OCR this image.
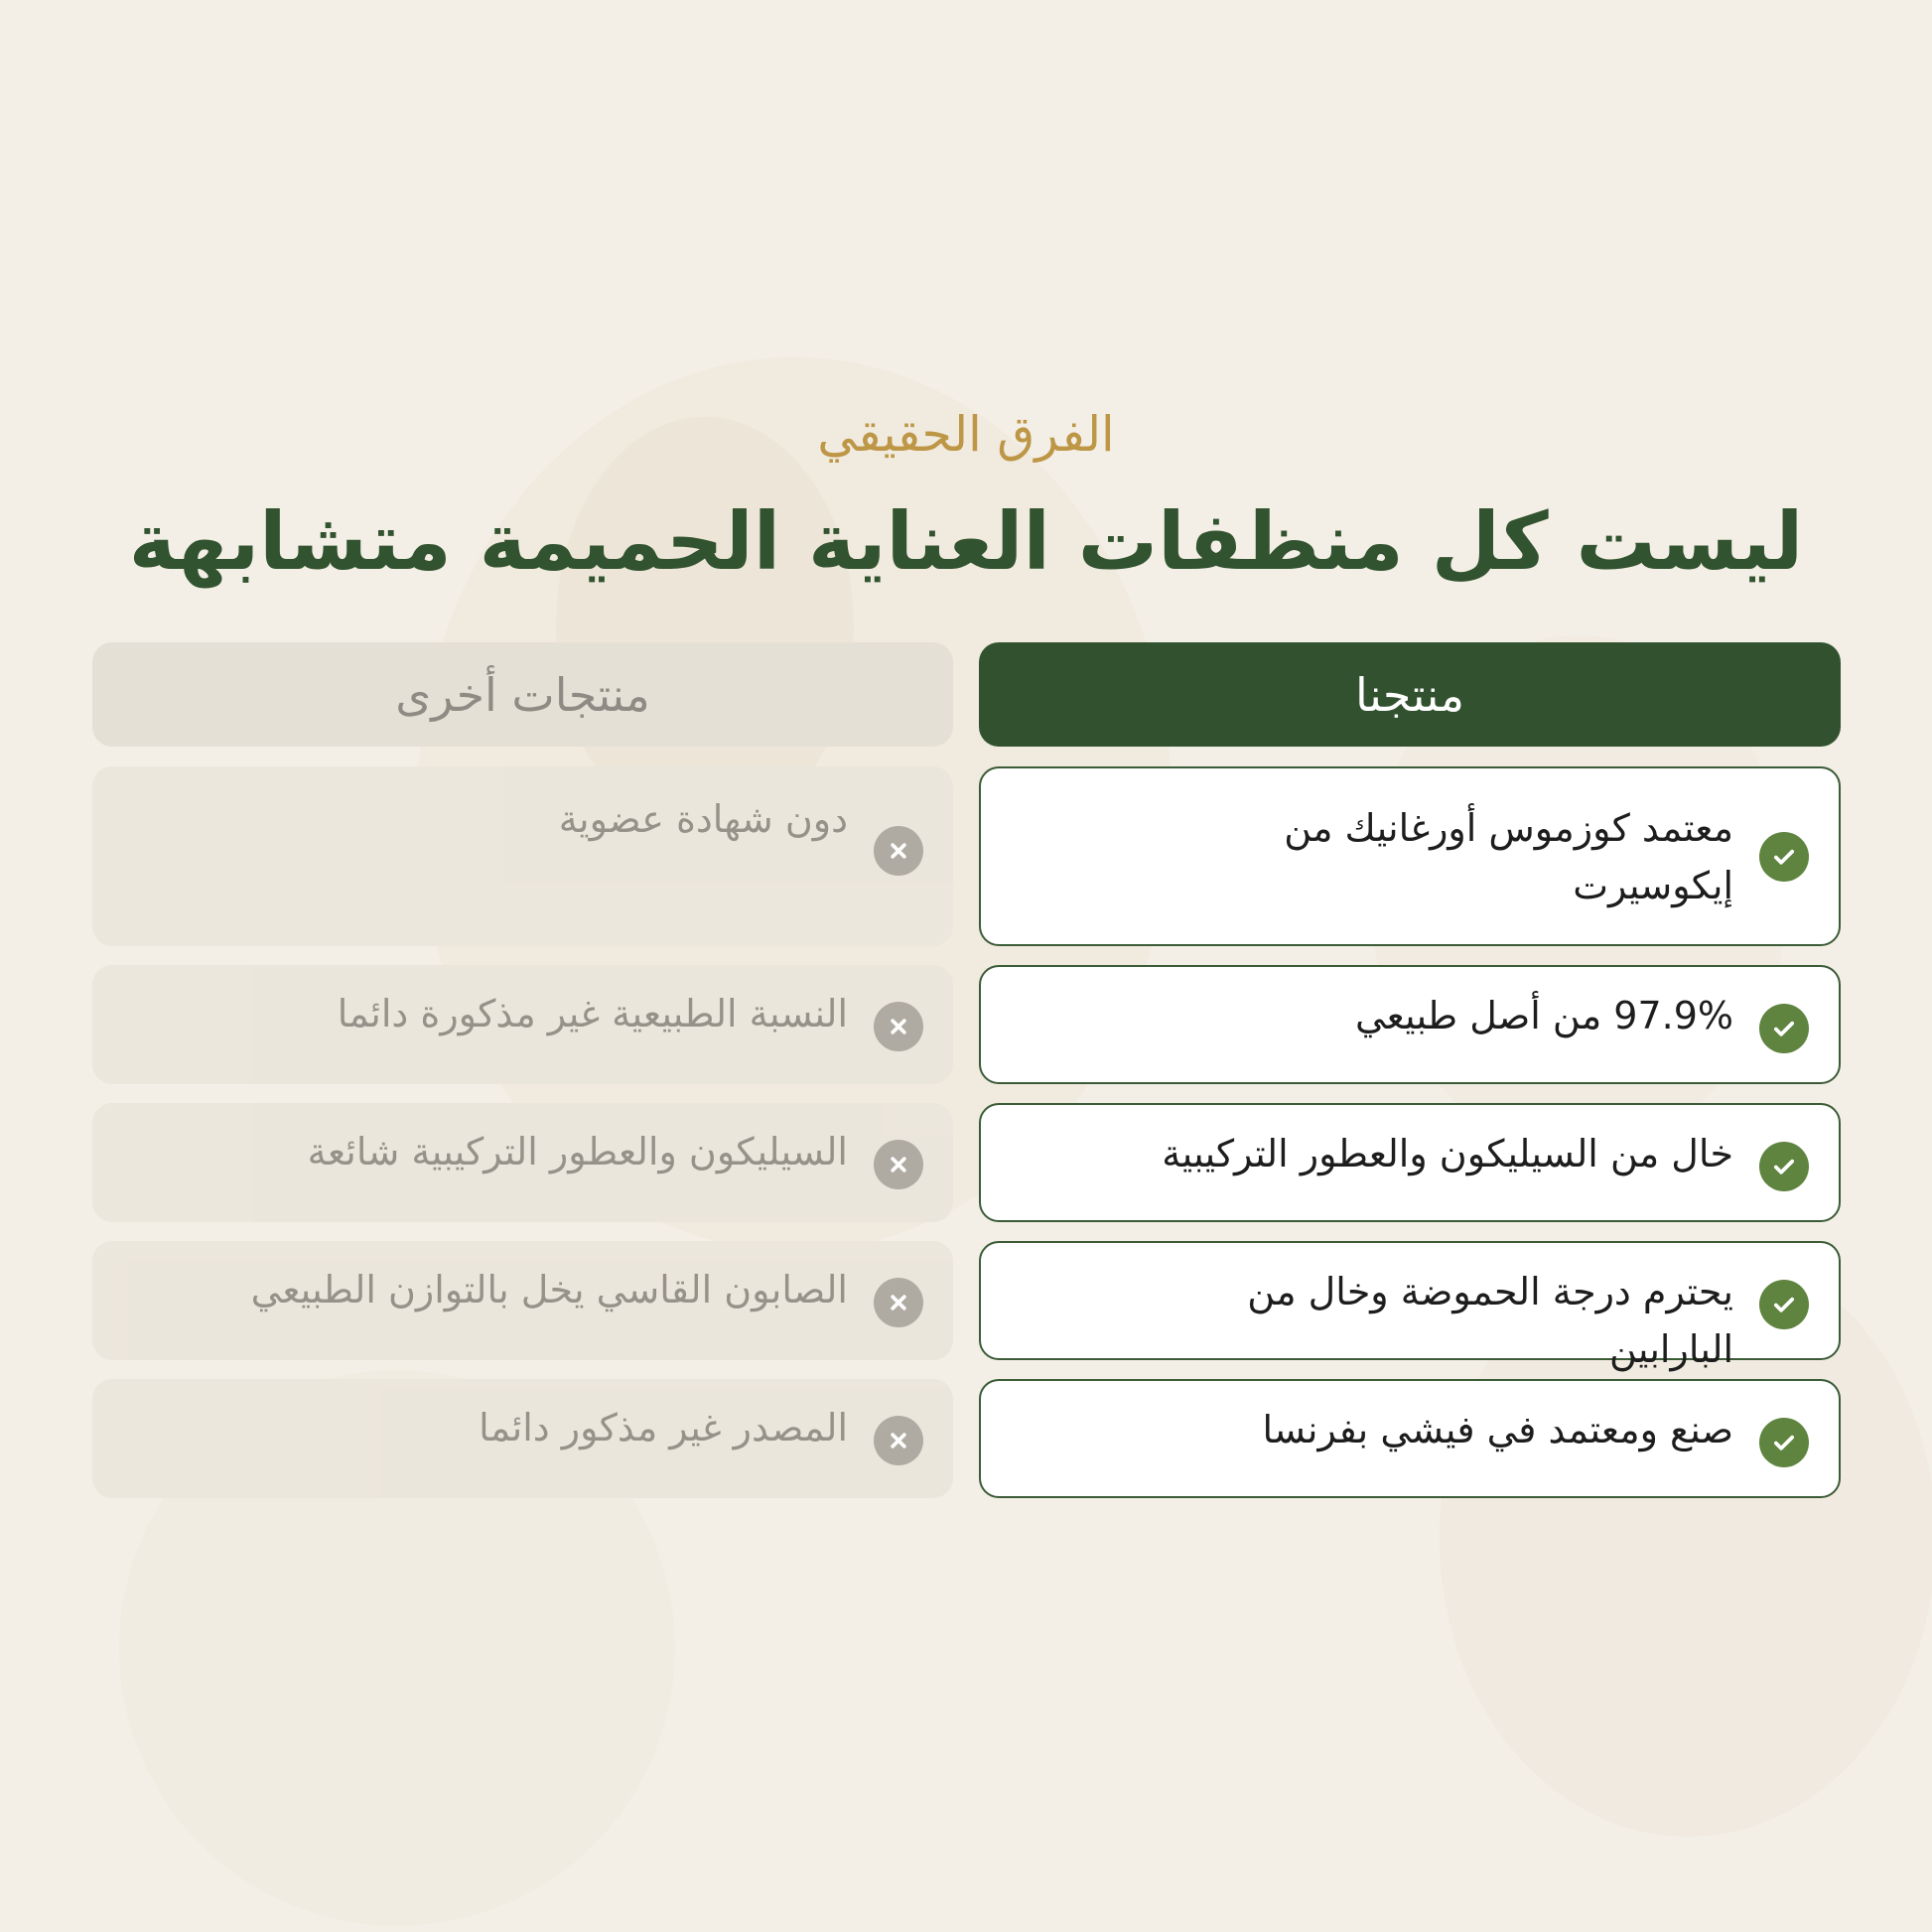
الفرق الحقيقي
ليست كل منظفات العناية الحميمة متشابهة
منتجنا
منتجات أخرى
معتمد كوزموس أورغانيك من إيكوسيرت
دون شهادة عضوية
97.9% من أصل طبيعي
النسبة الطبيعية غير مذكورة دائما
خال من السيليكون والعطور التركيبية
السيليكون والعطور التركيبية شائعة
يحترم درجة الحموضة وخال من البارابين
الصابون القاسي يخل بالتوازن الطبيعي
صنع ومعتمد في فيشي بفرنسا
المصدر غير مذكور دائما
